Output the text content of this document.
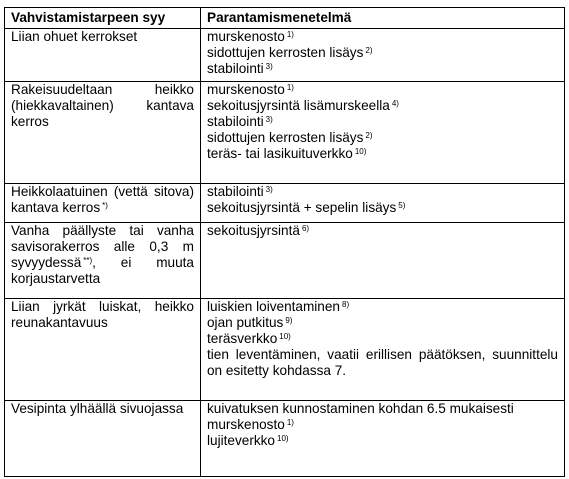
Vahvistamistarpeen syy	Parantamismenetelmä
Liian ohuet kerrokset	murskenosto $^{1)}$
sidottujen kerrosten lisäys $^{2)}$
stabilointi $^{3)}$

Rakeisuudeltaan heikko (hiekkavaltainen) kantava kerros	murskenosto $^{1)}$
sekoitusjyrsintä lisämurskeella $^{4)}$
stabilointi $^{3)}$
sidottujen kerrosten lisäys $^{2)}$
teräs- tai lasikuituverkko $^{10)}$

Heikkolaatuinen (vettä sitova) kantava kerros *)	stabilointi $^{3)}$
sekoitusjyrsintä + sepelin lisäys $^{5)}$

Vanha päällyste tai vanha savisorakerros alle 0,3 m syvyydessä **), ei muuta korjaustarvetta	sekoitusjyrsintä $^{6)}$

Liian jyrkät luiskat, heikko reunakantavuus	luiskien loiventaminen $^{8)}$
ojan putkitus $^{9)}$
teräsverkko $^{10)}$
tien leventäminen, vaatii erillisen päätöksen, suunnittelu on esitetty kohdassa 7.

Vesipinta ylhäällä sivuojassa	kuivatuksen kunnostaminen kohdan 6.5 mukaisesti
murskenosto $^{1)}$
lujiteverkko $^{10)}$
